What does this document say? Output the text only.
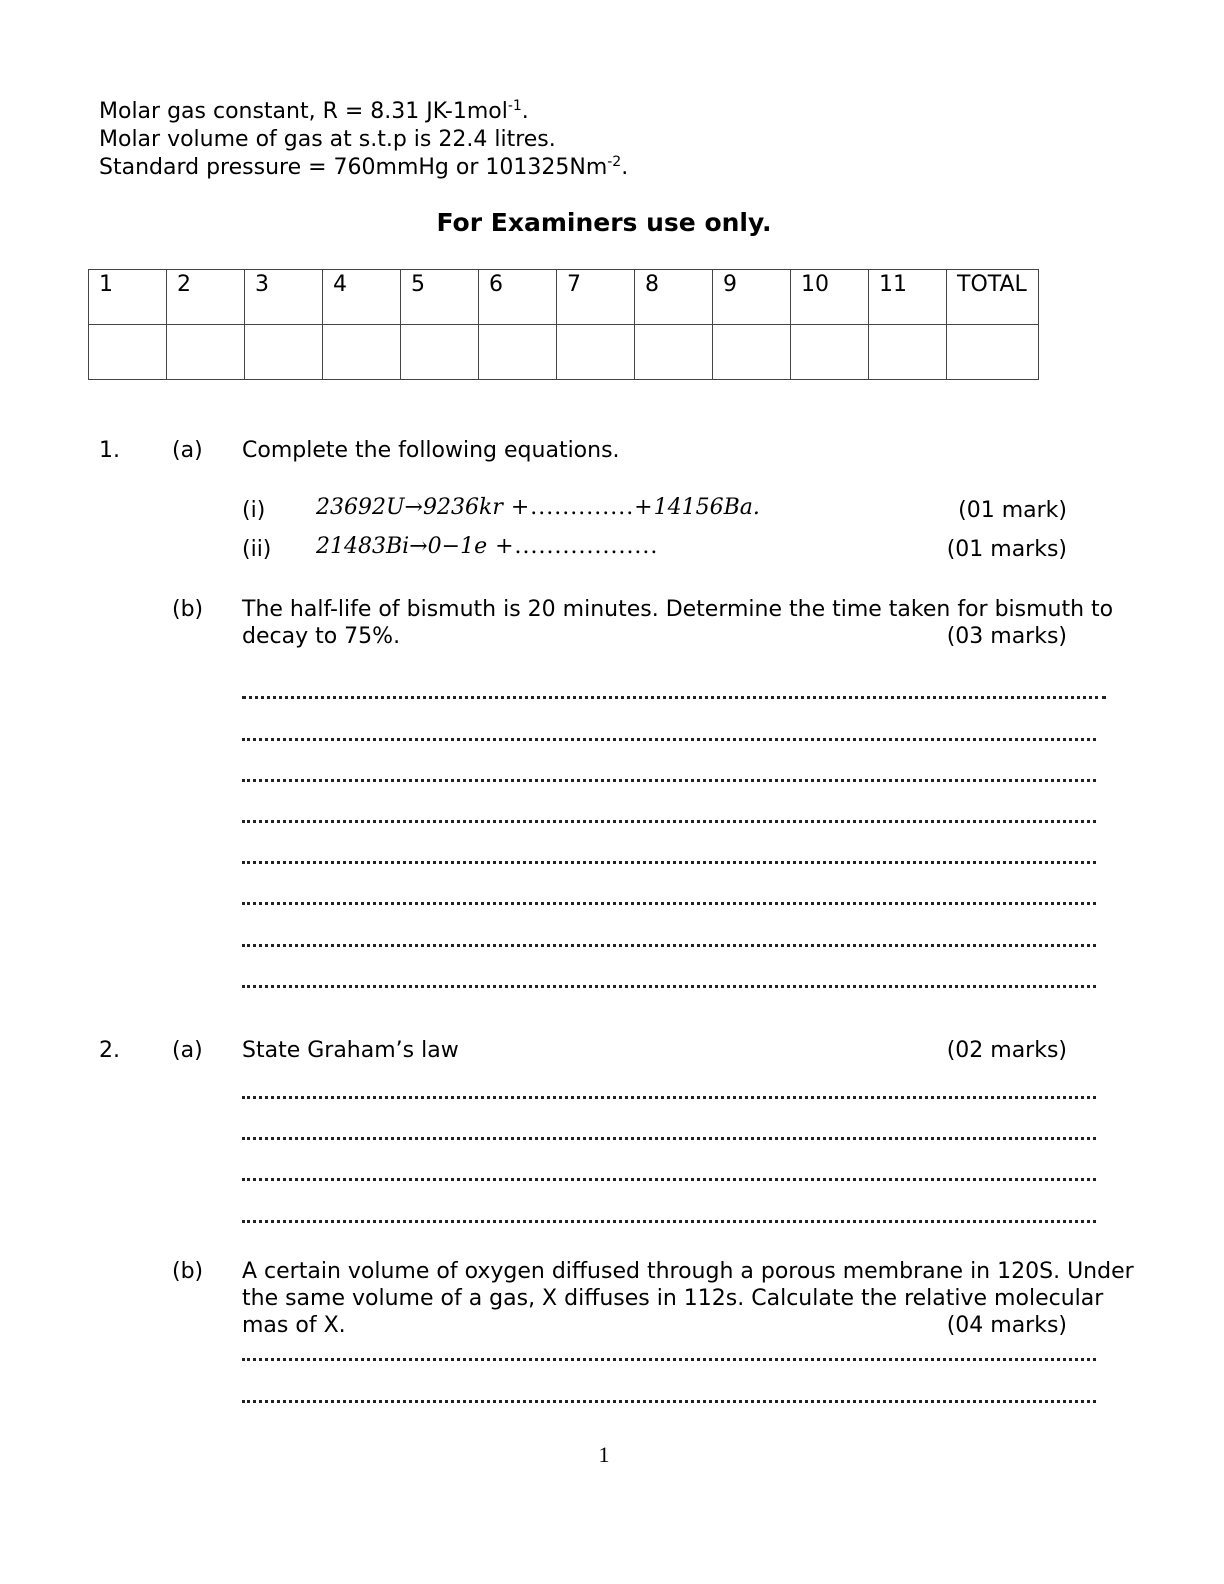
Molar gas constant, R = 8.31 JK-1mol$^{-1}$.
Molar volume of gas at s.t.p is 22.4 litres.
Standard pressure = 760mmHg or $101325Nm^{-2}$.
For Examiners use only.
1	2	3	4	5	6	7	8	9	10	11	TOTAL

1. (a) Complete the following equations.
(i) 23692U→9236kr +.............+14156Ba.	(01 mark)
(ii) 21483Bi→0−1e +..................	(01 marks)
(b) The half-life of bismuth is 20 minutes. Determine the time taken for bismuth to
decay to 75%.	(03 marks)
2. (a) State Graham’s law	(02 marks)
(b) A certain volume of oxygen diffused through a porous membrane in 120S. Under
the same volume of a gas, X diffuses in 112s. Calculate the relative molecular
mas of X.	(04 marks)
1
